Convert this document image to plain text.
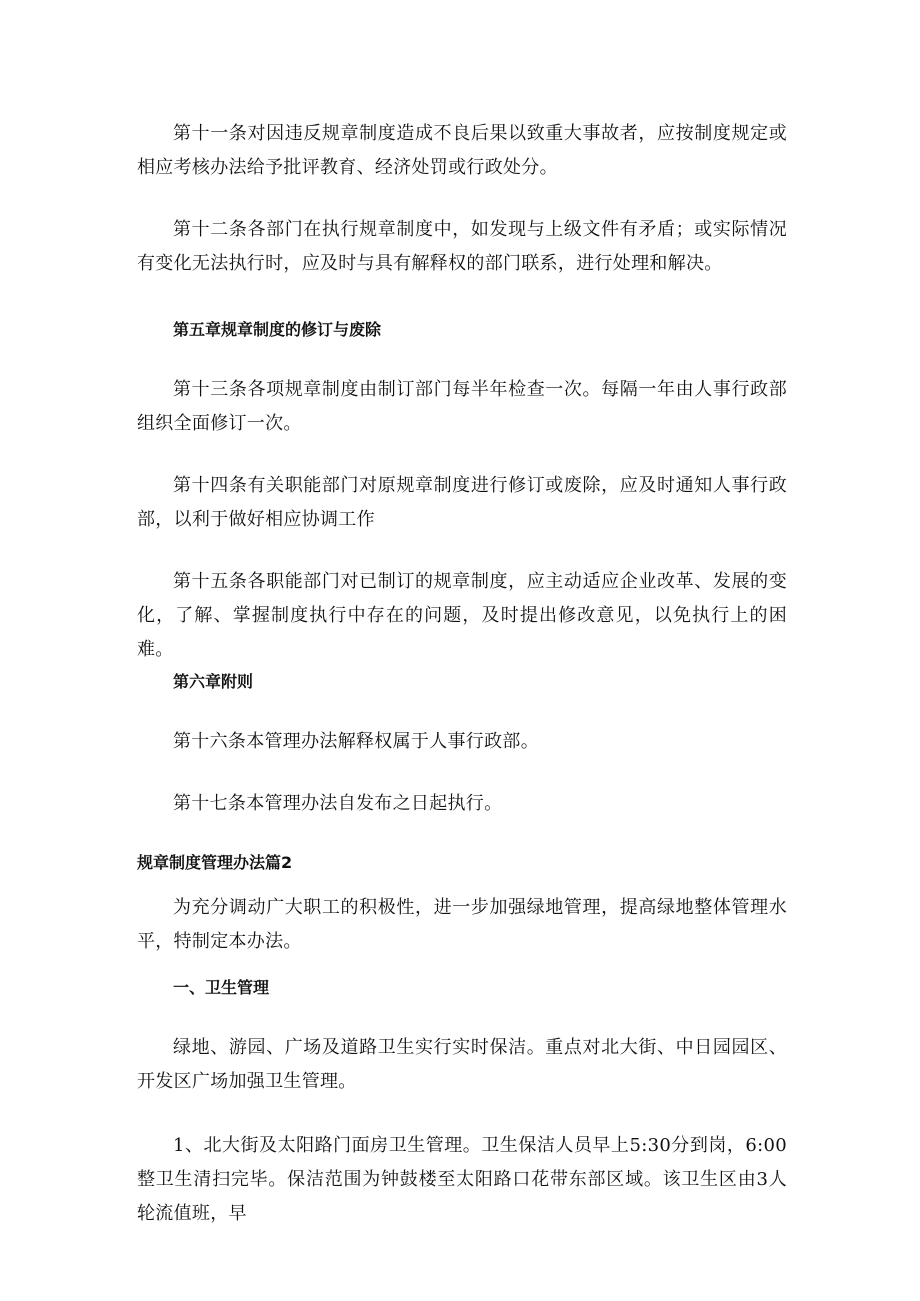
第十一条对因违反规章制度造成不良后果以致重大事故者，应按制度规定或相应考核办法给予批评教育、经济处罚或行政处分。

第十二条各部门在执行规章制度中，如发现与上级文件有矛盾；或实际情况有变化无法执行时，应及时与具有解释权的部门联系，进行处理和解决。

第五章规章制度的修订与废除

第十三条各项规章制度由制订部门每半年检查一次。每隔一年由人事行政部组织全面修订一次。

第十四条有关职能部门对原规章制度进行修订或废除，应及时通知人事行政部，以利于做好相应协调工作

第十五条各职能部门对已制订的规章制度，应主动适应企业改革、发展的变化，了解、掌握制度执行中存在的问题，及时提出修改意见，以免执行上的困难。

第六章附则

第十六条本管理办法解释权属于人事行政部。

第十七条本管理办法自发布之日起执行。

规章制度管理办法篇2

为充分调动广大职工的积极性，进一步加强绿地管理，提高绿地整体管理水平，特制定本办法。

一、卫生管理

绿地、游园、广场及道路卫生实行实时保洁。重点对北大街、中日园园区、开发区广场加强卫生管理。

1、北大街及太阳路门面房卫生管理。卫生保洁人员早上5:30分到岗，6:00整卫生清扫完毕。保洁范围为钟鼓楼至太阳路口花带东部区域。该卫生区由3人轮流值班，早
